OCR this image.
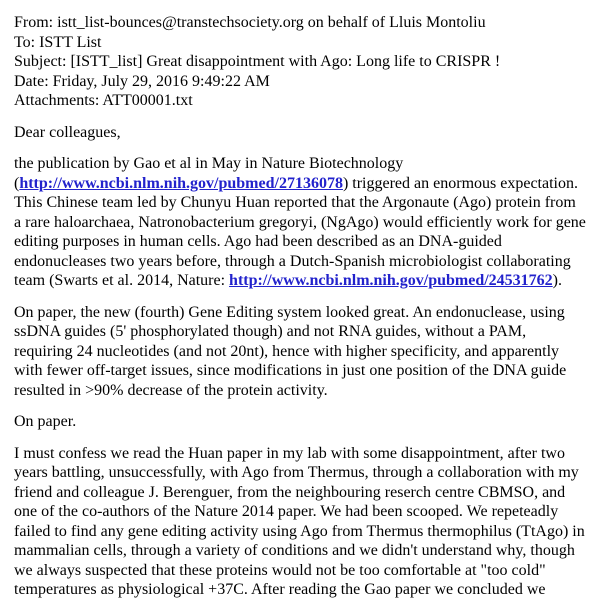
From: istt_list-bounces@transtechsociety.org on behalf of Lluis Montoliu
To: ISTT List
Subject: [ISTT_list] Great disappointment with Ago: Long life to CRISPR !
Date: Friday, July 29, 2016 9:49:22 AM
Attachments: ATT00001.txt

Dear colleagues,

the publication by Gao et al in May in Nature Biotechnology (http://www.ncbi.nlm.nih.gov/pubmed/27136078) triggered an enormous expectation. This Chinese team led by Chunyu Huan reported that the Argonaute (Ago) protein from a rare haloarchaea, Natronobacterium gregoryi, (NgAgo) would efficiently work for gene editing purposes in human cells. Ago had been described as an DNA-guided endonucleases two years before, through a Dutch-Spanish microbiologist collaborating team (Swarts et al. 2014, Nature: http://www.ncbi.nlm.nih.gov/pubmed/24531762).

On paper, the new (fourth) Gene Editing system looked great. An endonuclease, using ssDNA guides (5' phosphorylated though) and not RNA guides, without a PAM, requiring 24 nucleotides (and not 20nt), hence with higher specificity, and apparently with fewer off-target issues, since modifications in just one position of the DNA guide resulted in >90% decrease of the protein activity.

On paper.

I must confess we read the Huan paper in my lab with some disappointment, after two years battling, unsuccessfully, with Ago from Thermus, through a collaboration with my friend and colleague J. Berenguer, from the neighbouring reserch centre CBMSO, and one of the co-authors of the Nature 2014 paper. We had been scooped. We repeteadly failed to find any gene editing activity using Ago from Thermus thermophilus (TtAgo) in mammalian cells, through a variety of conditions and we didn't understand why, though we always suspected that these proteins would not be too comfortable at "too cold" temperatures as physiological +37C. After reading the Gao paper we concluded we
